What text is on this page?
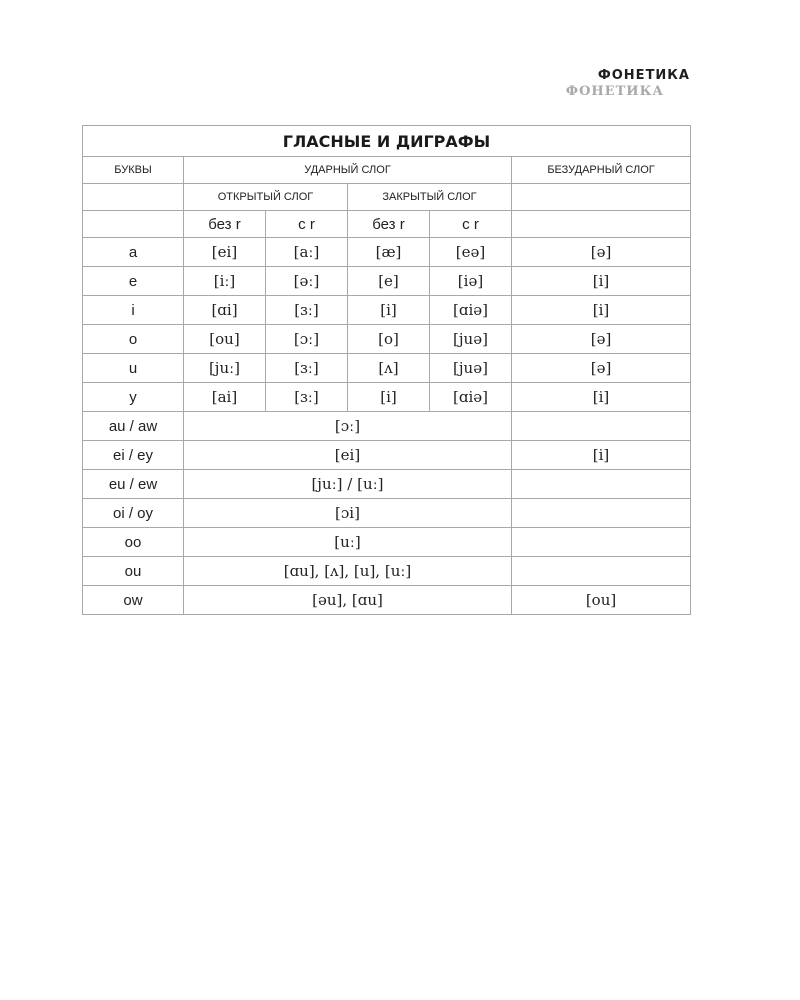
ФОНЕТИКА
ФОНЕТИКА
ГЛАСНЫЕ И ДИГРАФЫ					
БУКВЫ	УДАРНЫЙ СЛОГ				БЕЗУДАРНЫЙ СЛОГ
	ОТКРЫТЫЙ СЛОГ		ЗАКРЫТЫЙ СЛОГ		
	без r	с r	без r	с r	
a	[ei]	[aː]	[æ]	[eə]	[ə]
e	[iː]	[əː]	[e]	[iə]	[i]
i	[ɑi]	[ɜː]	[i]	[ɑiə]	[i]
o	[ou]	[ɔː]	[o]	[juə]	[ə]
u	[juː]	[ɜː]	[ʌ]	[juə]	[ə]
y	[ai]	[ɜː]	[i]	[ɑiə]	[i]
au / aw	[ɔː]				
ei / ey	[ei]				[i]
eu / ew	[juː] / [uː]				
oi / oy	[ɔi]				
oo	[uː]				
ou	[ɑu], [ʌ], [u], [uː]				
ow	[əu], [ɑu]				[ou]
